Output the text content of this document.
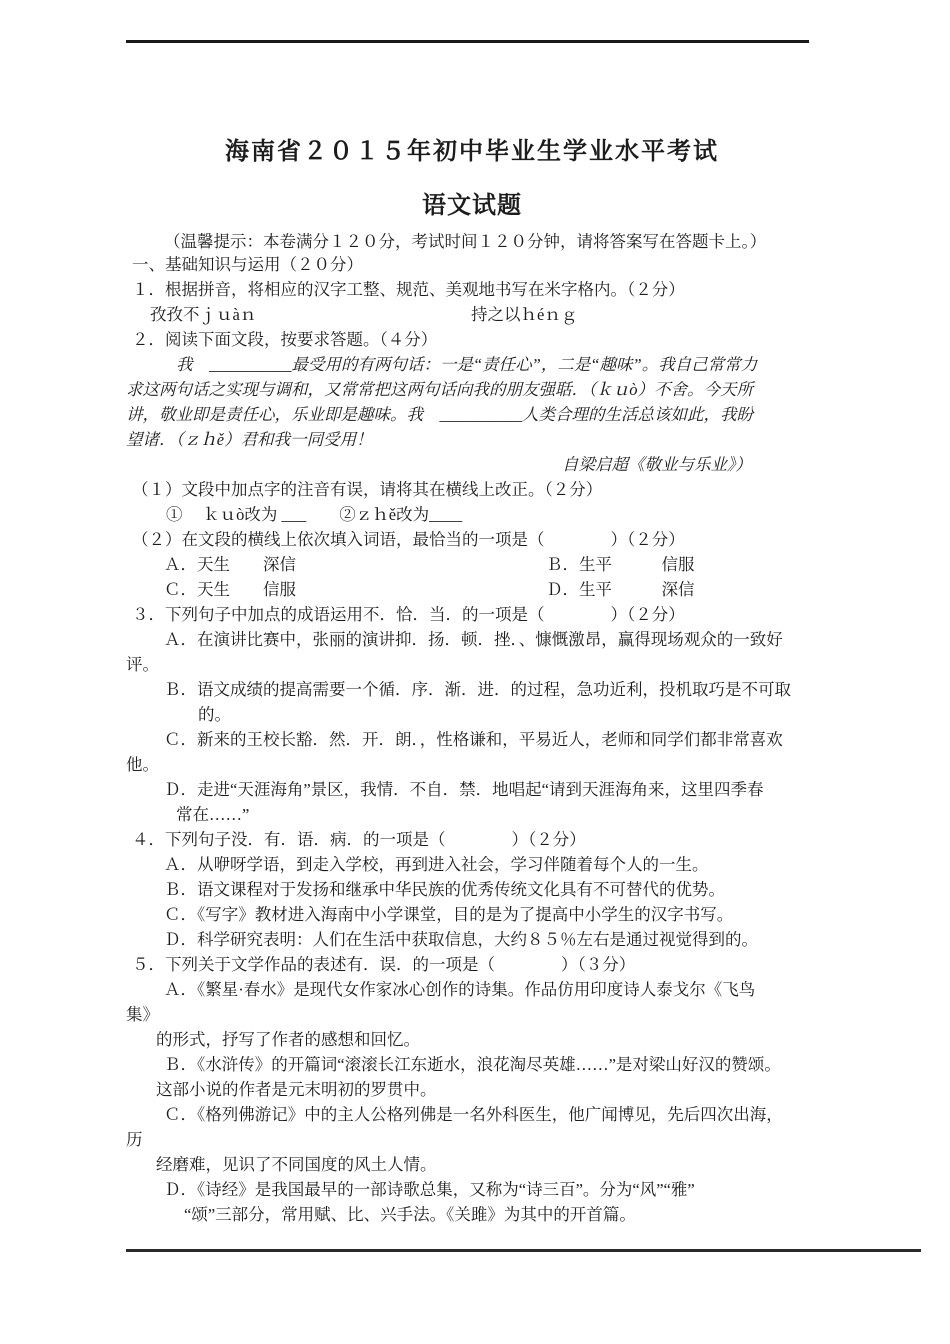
海南省２０１５年初中毕业生学业水平考试
语文试题

（温馨提示：本卷满分１２０分，考试时间１２０分钟，请将答案写在答题卡上。）

一、基础知识与运用（２０分）
１．根据拼音，将相应的汉字工整、规范、美观地书写在米字格内。（２分）
孜孜不ｊｕàｎ	持之以ｈéｎｇ
２．阅读下面文段，按要求答题。（４分）
我　__________最受用的有两句话：一是“责任心”，二是“趣味”。我自己常常力
求这两句话之实现与调和，又常常把这两句话向我的朋友强聒．（ｋｕò）不舍。今天所
讲，敬业即是责任心，乐业即是趣味。我　__________人类合理的生活总该如此，我盼
望诸．（ｚｈě）君和我一同受用！
自梁启超《敬业与乐业》）
（１）文段中加点字的注音有误，请将其在横线上改正。（２分）
①　 ｋｕò改为 ___　　②ｚｈě改为____
（２）在文段的横线上依次填入词语，最恰当的一项是（　　　　）（２分）
Ａ．天生　　深信	Ｂ．生平　　　信服
Ｃ．天生　　信服	Ｄ．生平　　　深信
３．下列句子中加点的成语运用不．恰．当．的一项是（　　　　）（２分）
Ａ．在演讲比赛中，张丽的演讲抑．扬．顿．挫．、慷慨激昂，赢得现场观众的一致好
评。
Ｂ．语文成绩的提高需要一个循．序．渐．进．的过程，急功近利，投机取巧是不可取
的。
Ｃ．新来的王校长豁．然．开．朗．，性格谦和，平易近人，老师和同学们都非常喜欢
他。
Ｄ．走进“天涯海角”景区，我情．不自．禁．地唱起“请到天涯海角来，这里四季春
常在……”
４．下列句子没．有．语．病．的一项是（　　　　）（２分）
Ａ．从咿呀学语，到走入学校，再到进入社会，学习伴随着每个人的一生。
Ｂ．语文课程对于发扬和继承中华民族的优秀传统文化具有不可替代的优势。
Ｃ．《写字》教材进入海南中小学课堂，目的是为了提高中小学生的汉字书写。
Ｄ．科学研究表明：人们在生活中获取信息，大约８５％左右是通过视觉得到的。
５．下列关于文学作品的表述有．误．的一项是（　　　　）（３分）
Ａ．《繁星·春水》是现代女作家冰心创作的诗集。作品仿用印度诗人泰戈尔《飞鸟
集》
的形式，抒写了作者的感想和回忆。
Ｂ．《水浒传》的开篇词“滚滚长江东逝水，浪花淘尽英雄……”是对梁山好汉的赞颂。
这部小说的作者是元末明初的罗贯中。
Ｃ．《格列佛游记》中的主人公格列佛是一名外科医生，他广闻博见，先后四次出海，
历
经磨难，见识了不同国度的风土人情。
Ｄ．《诗经》是我国最早的一部诗歌总集，又称为“诗三百”。分为“风”“雅”
“颂”三部分，常用赋、比、兴手法。《关雎》为其中的开首篇。
